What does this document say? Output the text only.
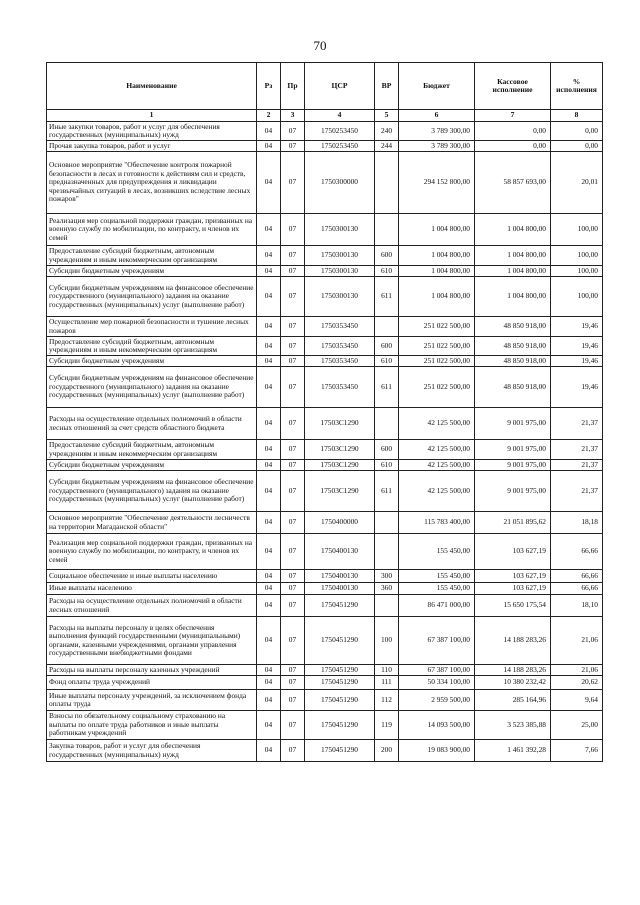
70
Наименование	Рз	Пр	ЦСР	ВР	Бюджет	Кассовое исполнение	% исполнения
1	2	3	4	5	6	7	8
Иные закупки товаров, работ и услуг для обеспечения государственных (муниципальных) нужд	04	07	1750253450	240	3 789 300,00	0,00	0,00
Прочая закупка товаров, работ и услуг	04	07	1750253450	244	3 789 300,00	0,00	0,00
Основное мероприятие "Обеспечение контроля пожарной безопасности в лесах и готовности к действиям сил и средств, предназначенных для предупреждения и ликвидации чрезвычайных ситуаций в лесах, возникших вследствие лесных пожаров"	04	07	1750300000		294 152 800,00	58 857 693,00	20,01
Реализация мер социальной поддержки граждан, призванных на военную службу по мобилизации, по контракту, и членов их семей	04	07	1750300130		1 004 800,00	1 004 800,00	100,00
Предоставление субсидий бюджетным, автономным учреждениям и иным некоммерческим организациям	04	07	1750300130	600	1 004 800,00	1 004 800,00	100,00
Субсидии бюджетным учреждениям	04	07	1750300130	610	1 004 800,00	1 004 800,00	100,00
Субсидии бюджетным учреждениям на финансовое обеспечение государственного (муниципального) задания на оказание государственных (муниципальных) услуг (выполнение работ)	04	07	1750300130	611	1 004 800,00	1 004 800,00	100,00
Осуществление мер пожарной безопасности и тушение лесных пожаров	04	07	1750353450		251 022 500,00	48 850 918,00	19,46
Предоставление субсидий бюджетным, автономным учреждениям и иным некоммерческим организациям	04	07	1750353450	600	251 022 500,00	48 850 918,00	19,46
Субсидии бюджетным учреждениям	04	07	1750353450	610	251 022 500,00	48 850 918,00	19,46
Субсидии бюджетным учреждениям на финансовое обеспечение государственного (муниципального) задания на оказание государственных (муниципальных) услуг (выполнение работ)	04	07	1750353450	611	251 022 500,00	48 850 918,00	19,46
Расходы на осуществление отдельных полномочий в области лесных отношений за счет средств областного бюджета	04	07	17503С1290		42 125 500,00	9 001 975,00	21,37
Предоставление субсидий бюджетным, автономным учреждениям и иным некоммерческим организациям	04	07	17503С1290	600	42 125 500,00	9 001 975,00	21,37
Субсидии бюджетным учреждениям	04	07	17503С1290	610	42 125 500,00	9 001 975,00	21,37
Субсидии бюджетным учреждениям на финансовое обеспечение государственного (муниципального) задания на оказание государственных (муниципальных) услуг (выполнение работ)	04	07	17503С1290	611	42 125 500,00	9 001 975,00	21,37
Основное мероприятие "Обеспечение деятельности лесничеств на территории Магаданской области"	04	07	1750400000		115 783 400,00	21 051 895,62	18,18
Реализация мер социальной поддержки граждан, призванных на военную службу по мобилизации, по контракту, и членов их семей	04	07	1750400130		155 450,00	103 627,19	66,66
Социальное обеспечение и иные выплаты населению	04	07	1750400130	300	155 450,00	103 627,19	66,66
Иные выплаты населению	04	07	1750400130	360	155 450,00	103 627,19	66,66
Расходы на осуществление отдельных полномочий в области лесных отношений	04	07	1750451290		86 471 000,00	15 650 175,54	18,10
Расходы на выплаты персоналу в целях обеспечения выполнения функций государственными (муниципальными) органами, казенными учреждениями, органами управления государственными внебюджетными фондами	04	07	1750451290	100	67 387 100,00	14 188 283,26	21,06
Расходы на выплаты персоналу казенных учреждений	04	07	1750451290	110	67 387 100,00	14 188 283,26	21,06
Фонд оплаты труда учреждений	04	07	1750451290	111	50 334 100,00	10 380 232,42	20,62
Иные выплаты персоналу учреждений, за исключением фонда оплаты труда	04	07	1750451290	112	2 959 500,00	285 164,96	9,64
Взносы по обязательному социальному страхованию на выплаты по оплате труда работников и иные выплаты работникам учреждений	04	07	1750451290	119	14 093 500,00	3 523 385,88	25,00
Закупка товаров, работ и услуг для обеспечения государственных (муниципальных) нужд	04	07	1750451290	200	19 083 900,00	1 461 392,28	7,66
